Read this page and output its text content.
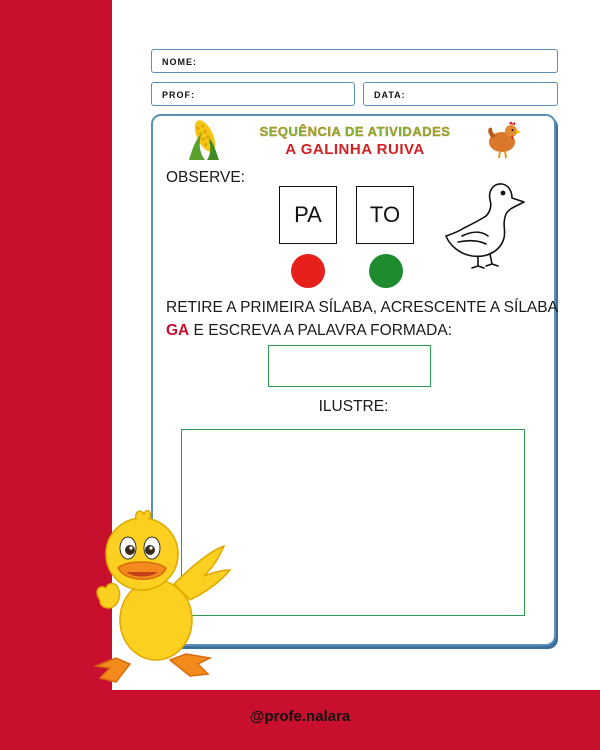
NOME:
PROF:	DATA:
SEQUÊNCIA DE ATIVIDADES
A GALINHA RUIVA
OBSERVE:
PA	TO
RETIRE A PRIMEIRA SÍLABA, ACRESCENTE A SÍLABA
GA E ESCREVA A PALAVRA FORMADA:
ILUSTRE:
@profe.nalara
